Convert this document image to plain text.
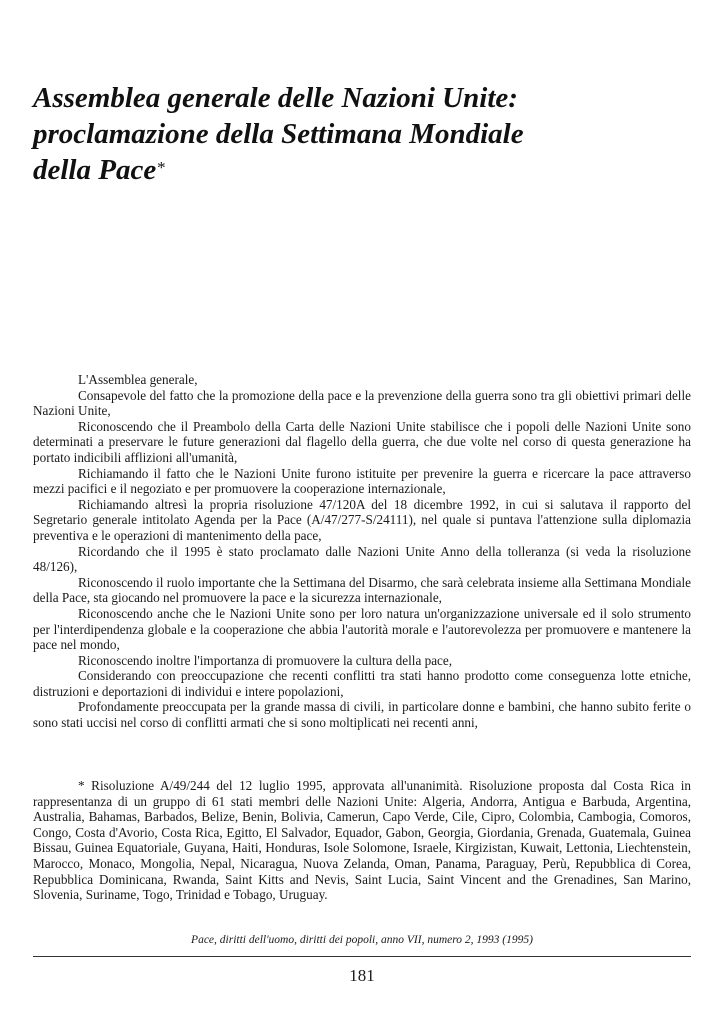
Assemblea generale delle Nazioni Unite:
proclamazione della Settimana Mondiale
della Pace*

L'Assemblea generale,

Consapevole del fatto che la promozione della pace e la prevenzione della guerra sono tra gli obiettivi primari delle Nazioni Unite,

Riconoscendo che il Preambolo della Carta delle Nazioni Unite stabilisce che i popoli delle Nazioni Unite sono determinati a preservare le future generazioni dal flagello della guerra, che due volte nel corso di questa generazione ha portato indicibili afflizioni all'umanità,

Richiamando il fatto che le Nazioni Unite furono istituite per prevenire la guerra e ricercare la pace attraverso mezzi pacifici e il negoziato e per promuovere la cooperazione internazionale,

Richiamando altresì la propria risoluzione 47/120A del 18 dicembre 1992, in cui si salutava il rapporto del Segretario generale intitolato Agenda per la Pace (A/47/277-S/24111), nel quale si puntava l'attenzione sulla diplomazia preventiva e le operazioni di mantenimento della pace,

Ricordando che il 1995 è stato proclamato dalle Nazioni Unite Anno della tolleranza (si veda la risoluzione 48/126),

Riconoscendo il ruolo importante che la Settimana del Disarmo, che sarà celebrata insieme alla Settimana Mondiale della Pace, sta giocando nel promuovere la pace e la sicurezza internazionale,

Riconoscendo anche che le Nazioni Unite sono per loro natura un'organizzazione universale ed il solo strumento per l'interdipendenza globale e la cooperazione che abbia l'autorità morale e l'autorevolezza per promuovere e mantenere la pace nel mondo,

Riconoscendo inoltre l'importanza di promuovere la cultura della pace,

Considerando con preoccupazione che recenti conflitti tra stati hanno prodotto come conseguenza lotte etniche, distruzioni e deportazioni di individui e intere popolazioni,

Profondamente preoccupata per la grande massa di civili, in particolare donne e bambini, che hanno subito ferite o sono stati uccisi nel corso di conflitti armati che si sono moltiplicati nei recenti anni,

* Risoluzione A/49/244 del 12 luglio 1995, approvata all'unanimità. Risoluzione proposta dal Costa Rica in rappresentanza di un gruppo di 61 stati membri delle Nazioni Unite: Algeria, Andorra, Antigua e Barbuda, Argentina, Australia, Bahamas, Barbados, Belize, Benin, Bolivia, Camerun, Capo Verde, Cile, Cipro, Colombia, Cambogia, Comoros, Congo, Costa d'Avorio, Costa Rica, Egitto, El Salvador, Equador, Gabon, Georgia, Giordania, Grenada, Guatemala, Guinea Bissau, Guinea Equatoriale, Guyana, Haiti, Honduras, Isole Solomone, Israele, Kirgizistan, Kuwait, Lettonia, Liechtenstein, Marocco, Monaco, Mongolia, Nepal, Nicaragua, Nuova Zelanda, Oman, Panama, Paraguay, Perù, Repubblica di Corea, Repubblica Dominicana, Rwanda, Saint Kitts and Nevis, Saint Lucia, Saint Vincent and the Grenadines, San Marino, Slovenia, Suriname, Togo, Trinidad e Tobago, Uruguay.

Pace, diritti dell'uomo, diritti dei popoli, anno VII, numero 2, 1993 (1995)
181
